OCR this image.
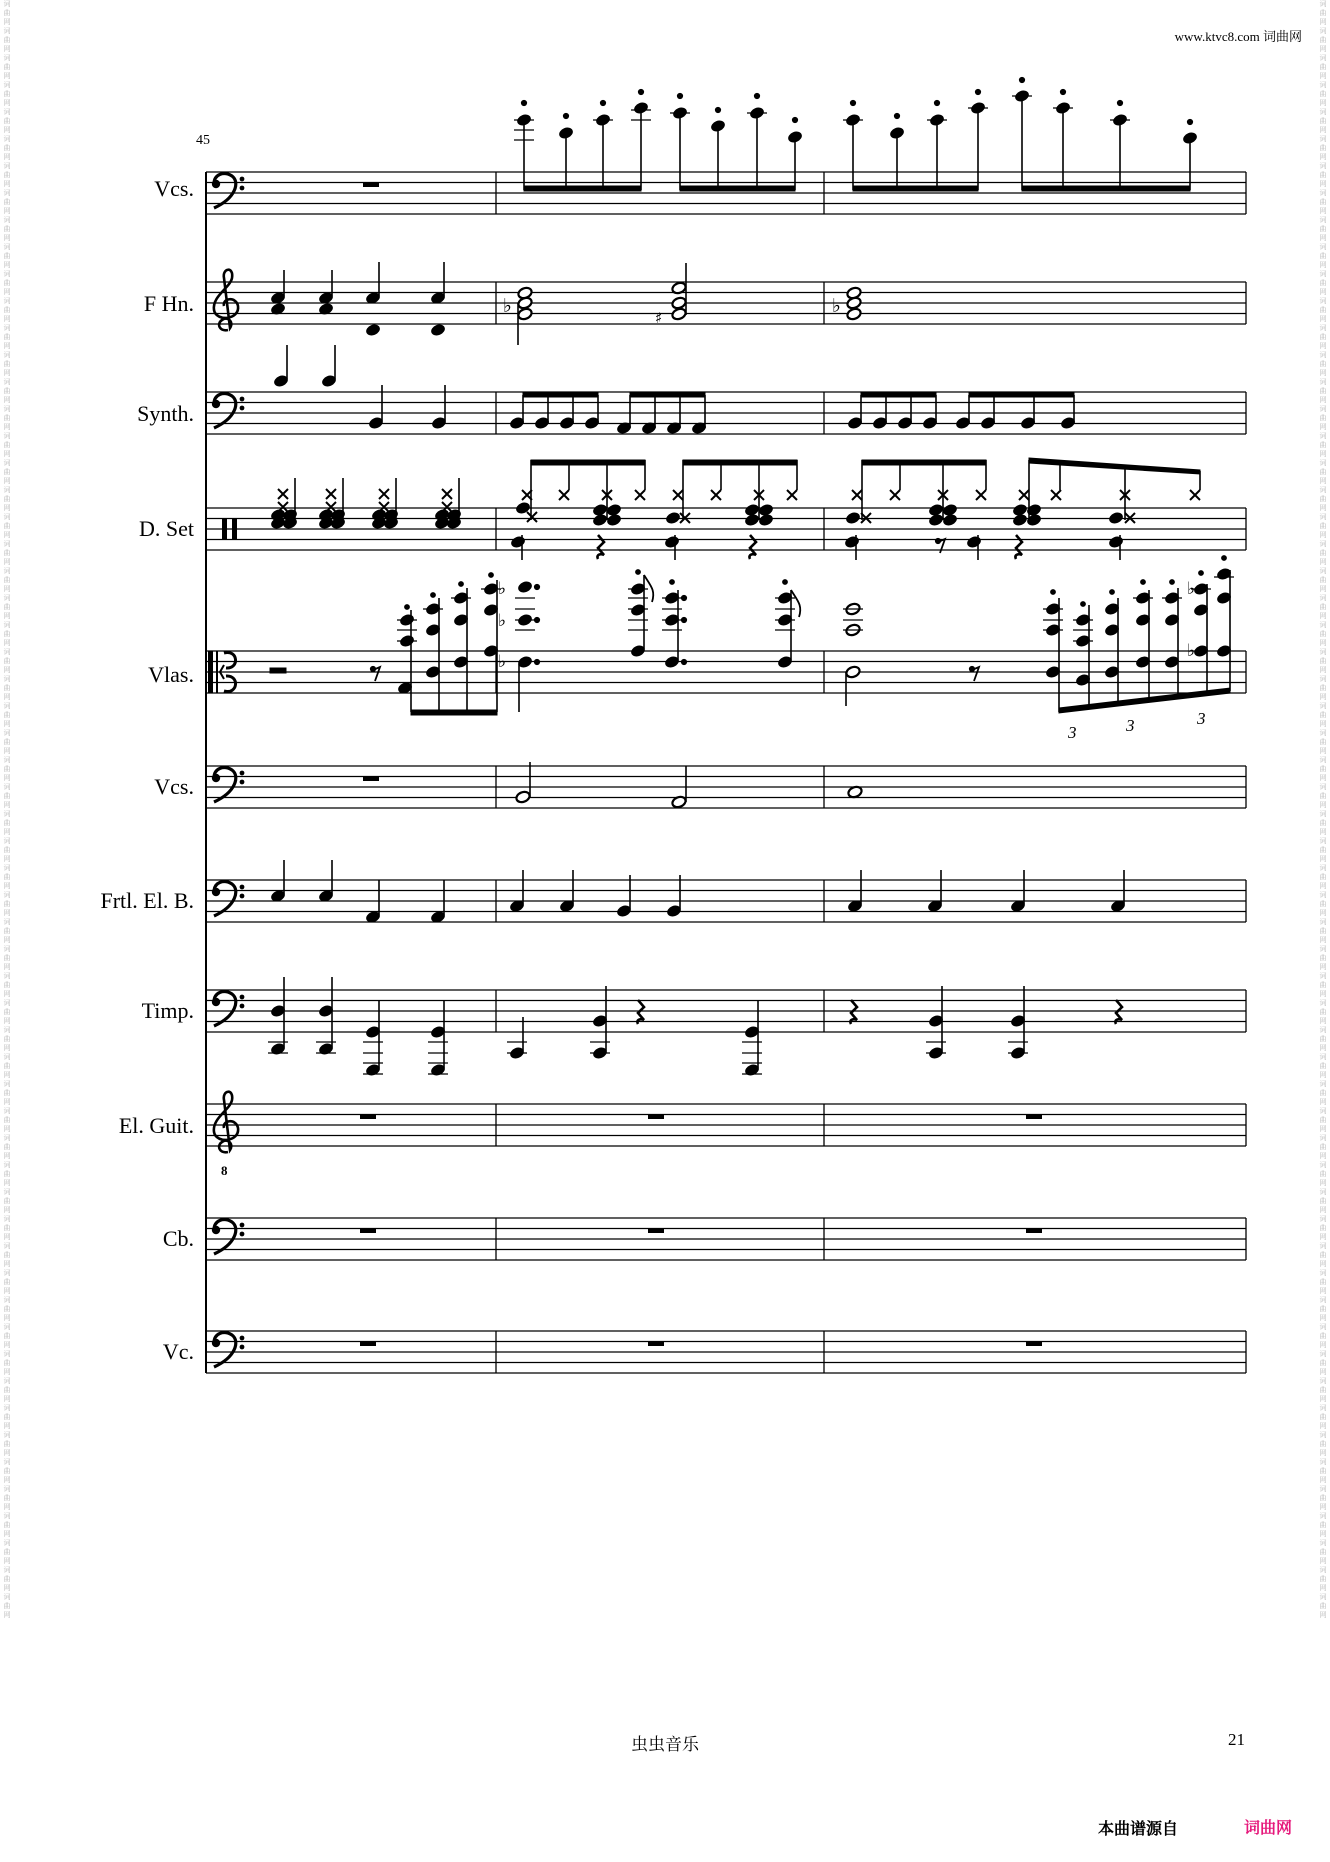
词曲网词曲网词曲网词曲网词曲网词曲网词曲网词曲网词曲网词曲网词曲网词曲网词曲网词曲网词曲网词曲网词曲网词曲网词曲网词曲网词曲网词曲网词曲网词曲网词曲网词曲网词曲网词曲网词曲网词曲网词曲网词曲网词曲网词曲网词曲网词曲网词曲网词曲网词曲网词曲网词曲网词曲网词曲网词曲网词曲网词曲网词曲网词曲网词曲网词曲网词曲网词曲网词曲网词曲网词曲网词曲网词曲网词曲网词曲网词曲网
词曲网词曲网词曲网词曲网词曲网词曲网词曲网词曲网词曲网词曲网词曲网词曲网词曲网词曲网词曲网词曲网词曲网词曲网词曲网词曲网词曲网词曲网词曲网词曲网词曲网词曲网词曲网词曲网词曲网词曲网词曲网词曲网词曲网词曲网词曲网词曲网词曲网词曲网词曲网词曲网词曲网词曲网词曲网词曲网词曲网词曲网词曲网词曲网词曲网词曲网词曲网词曲网词曲网词曲网词曲网词曲网词曲网词曲网词曲网词曲网
www.ktvc8.com 词曲网
45
Vcs.
F Hn.
Synth.
D. Set
Vlas.
Vcs.
Frtl. El. B.
Timp.
El. Guit.
Cb.
Vc.
♭
♯
♭
3	3	3
♭
♭
♭
♭
♭
8
虫虫音乐	21
本曲谱源自	词曲网
